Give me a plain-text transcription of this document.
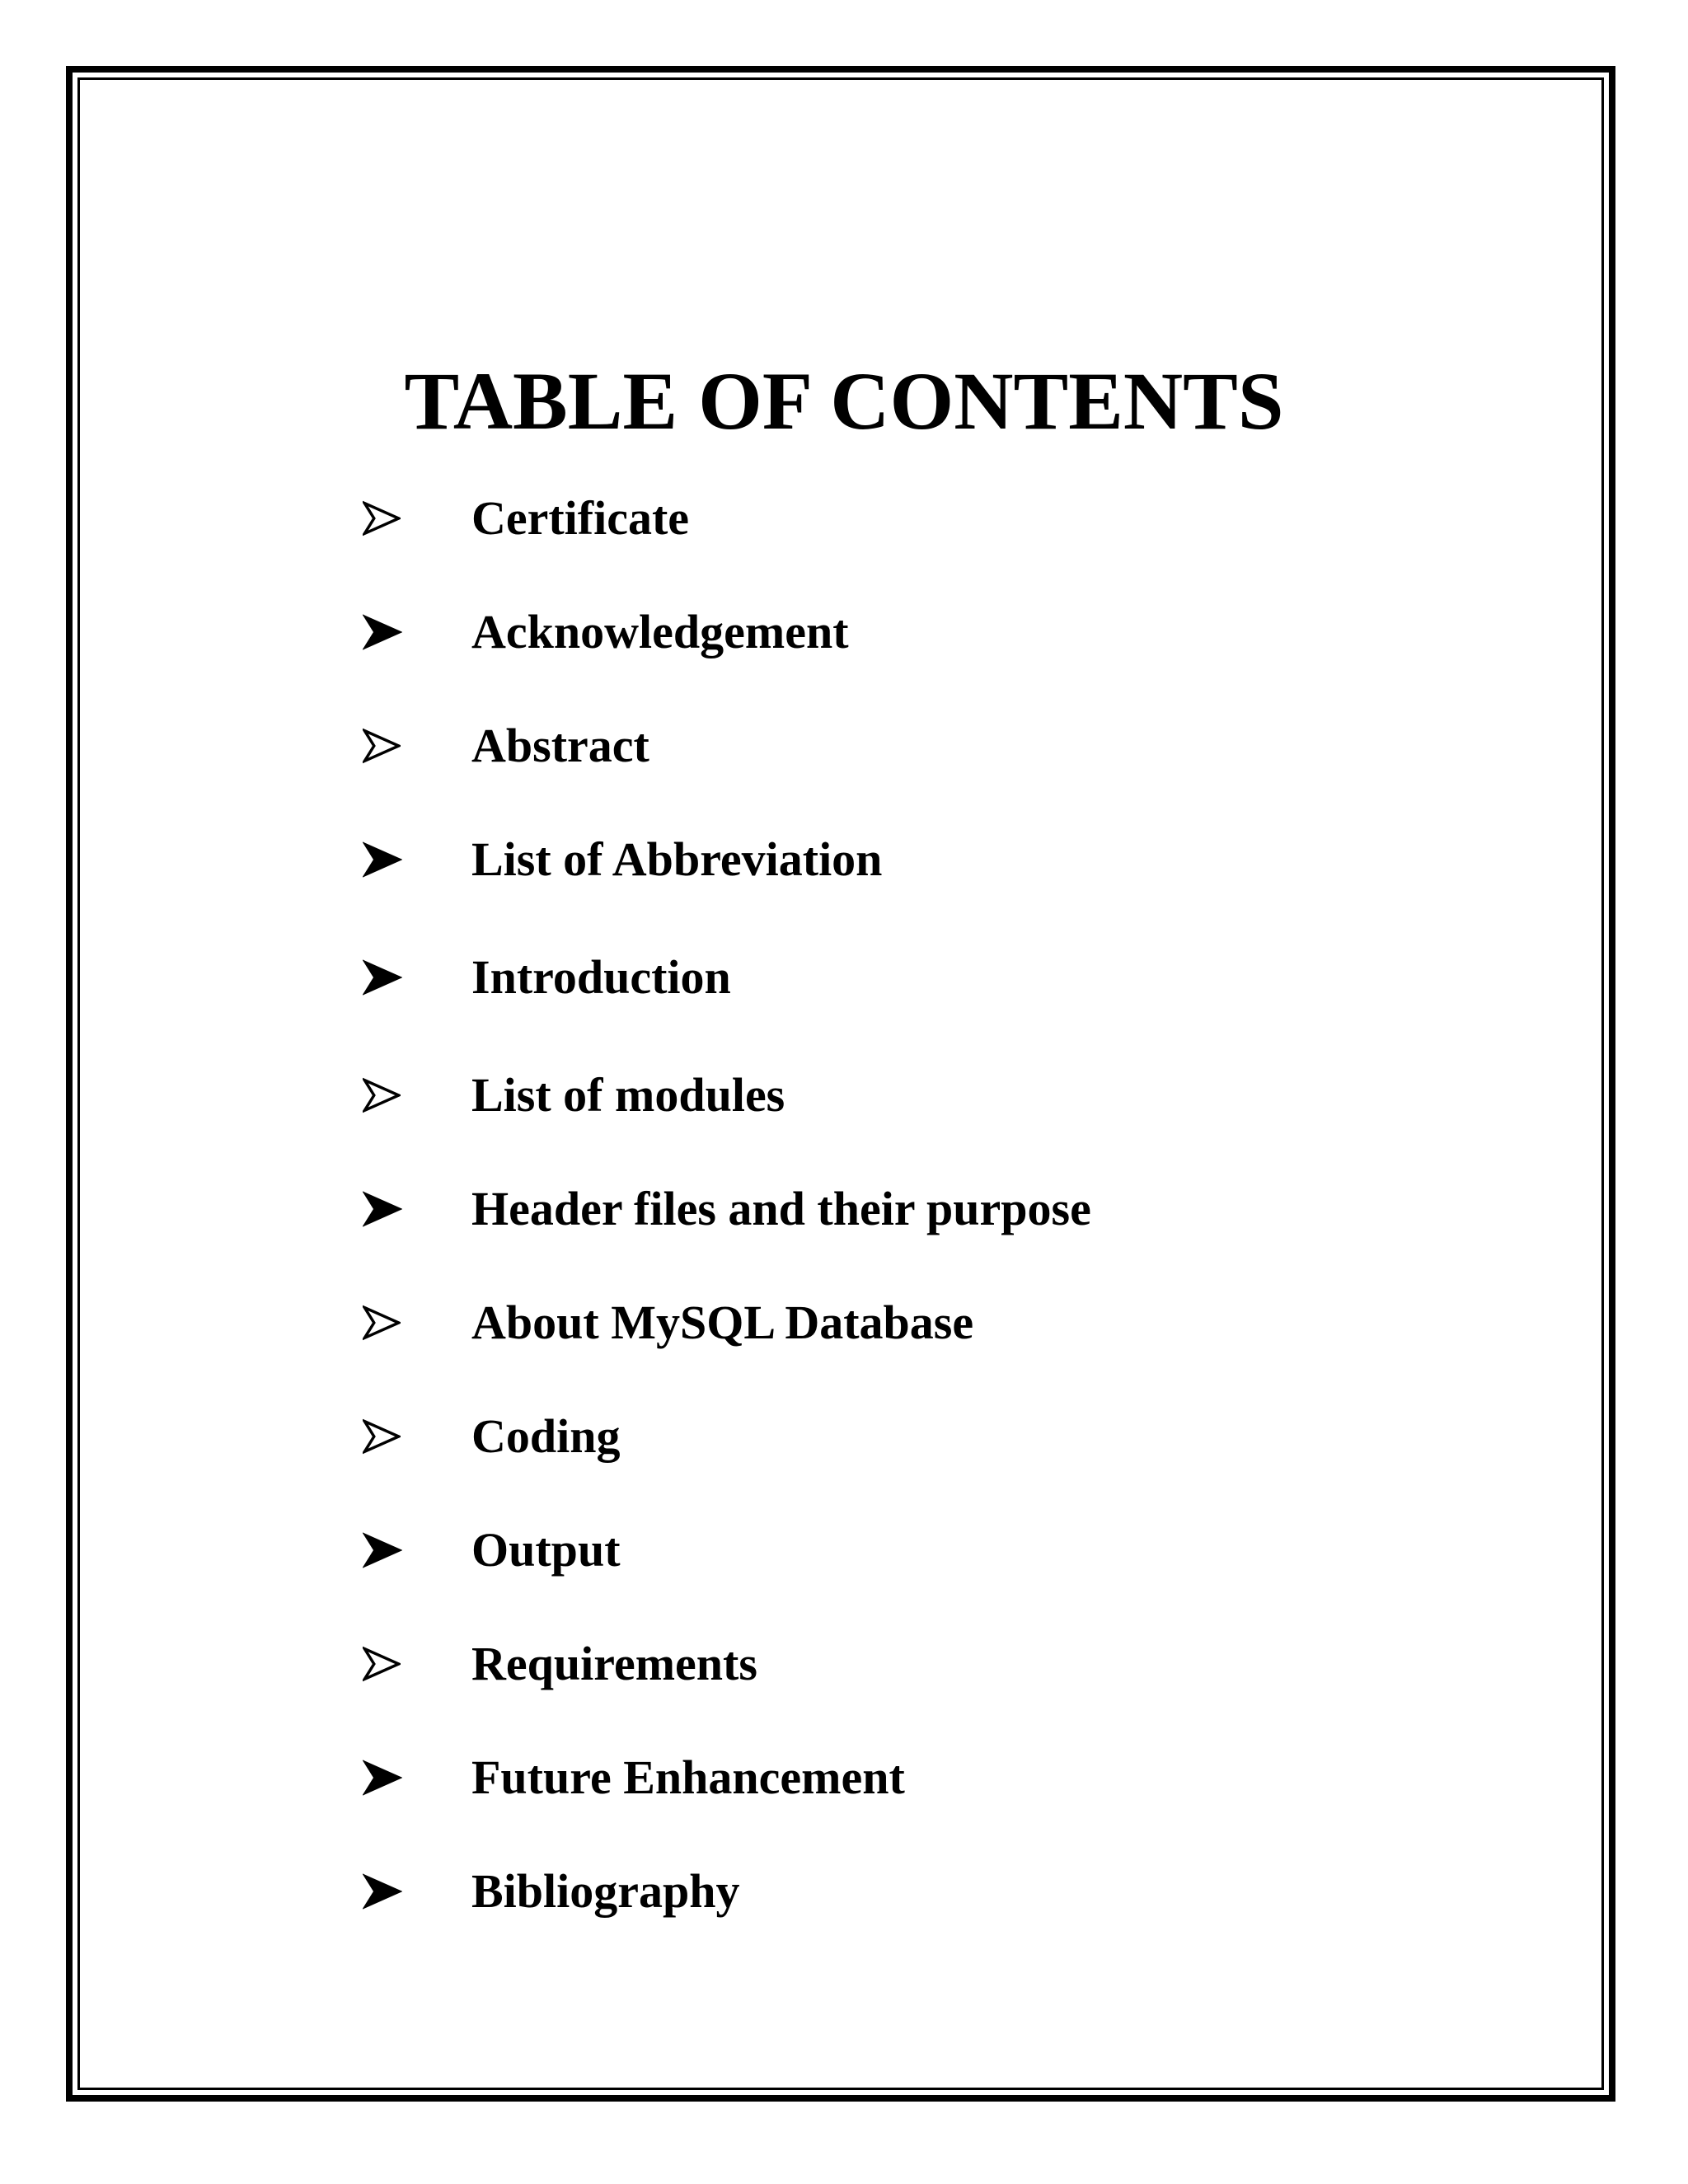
TABLE OF CONTENTS
Certificate
Acknowledgement
Abstract
List of Abbreviation
Introduction
List of modules
Header files and their purpose
About MySQL Database
Coding
Output
Requirements
Future Enhancement
Bibliography
